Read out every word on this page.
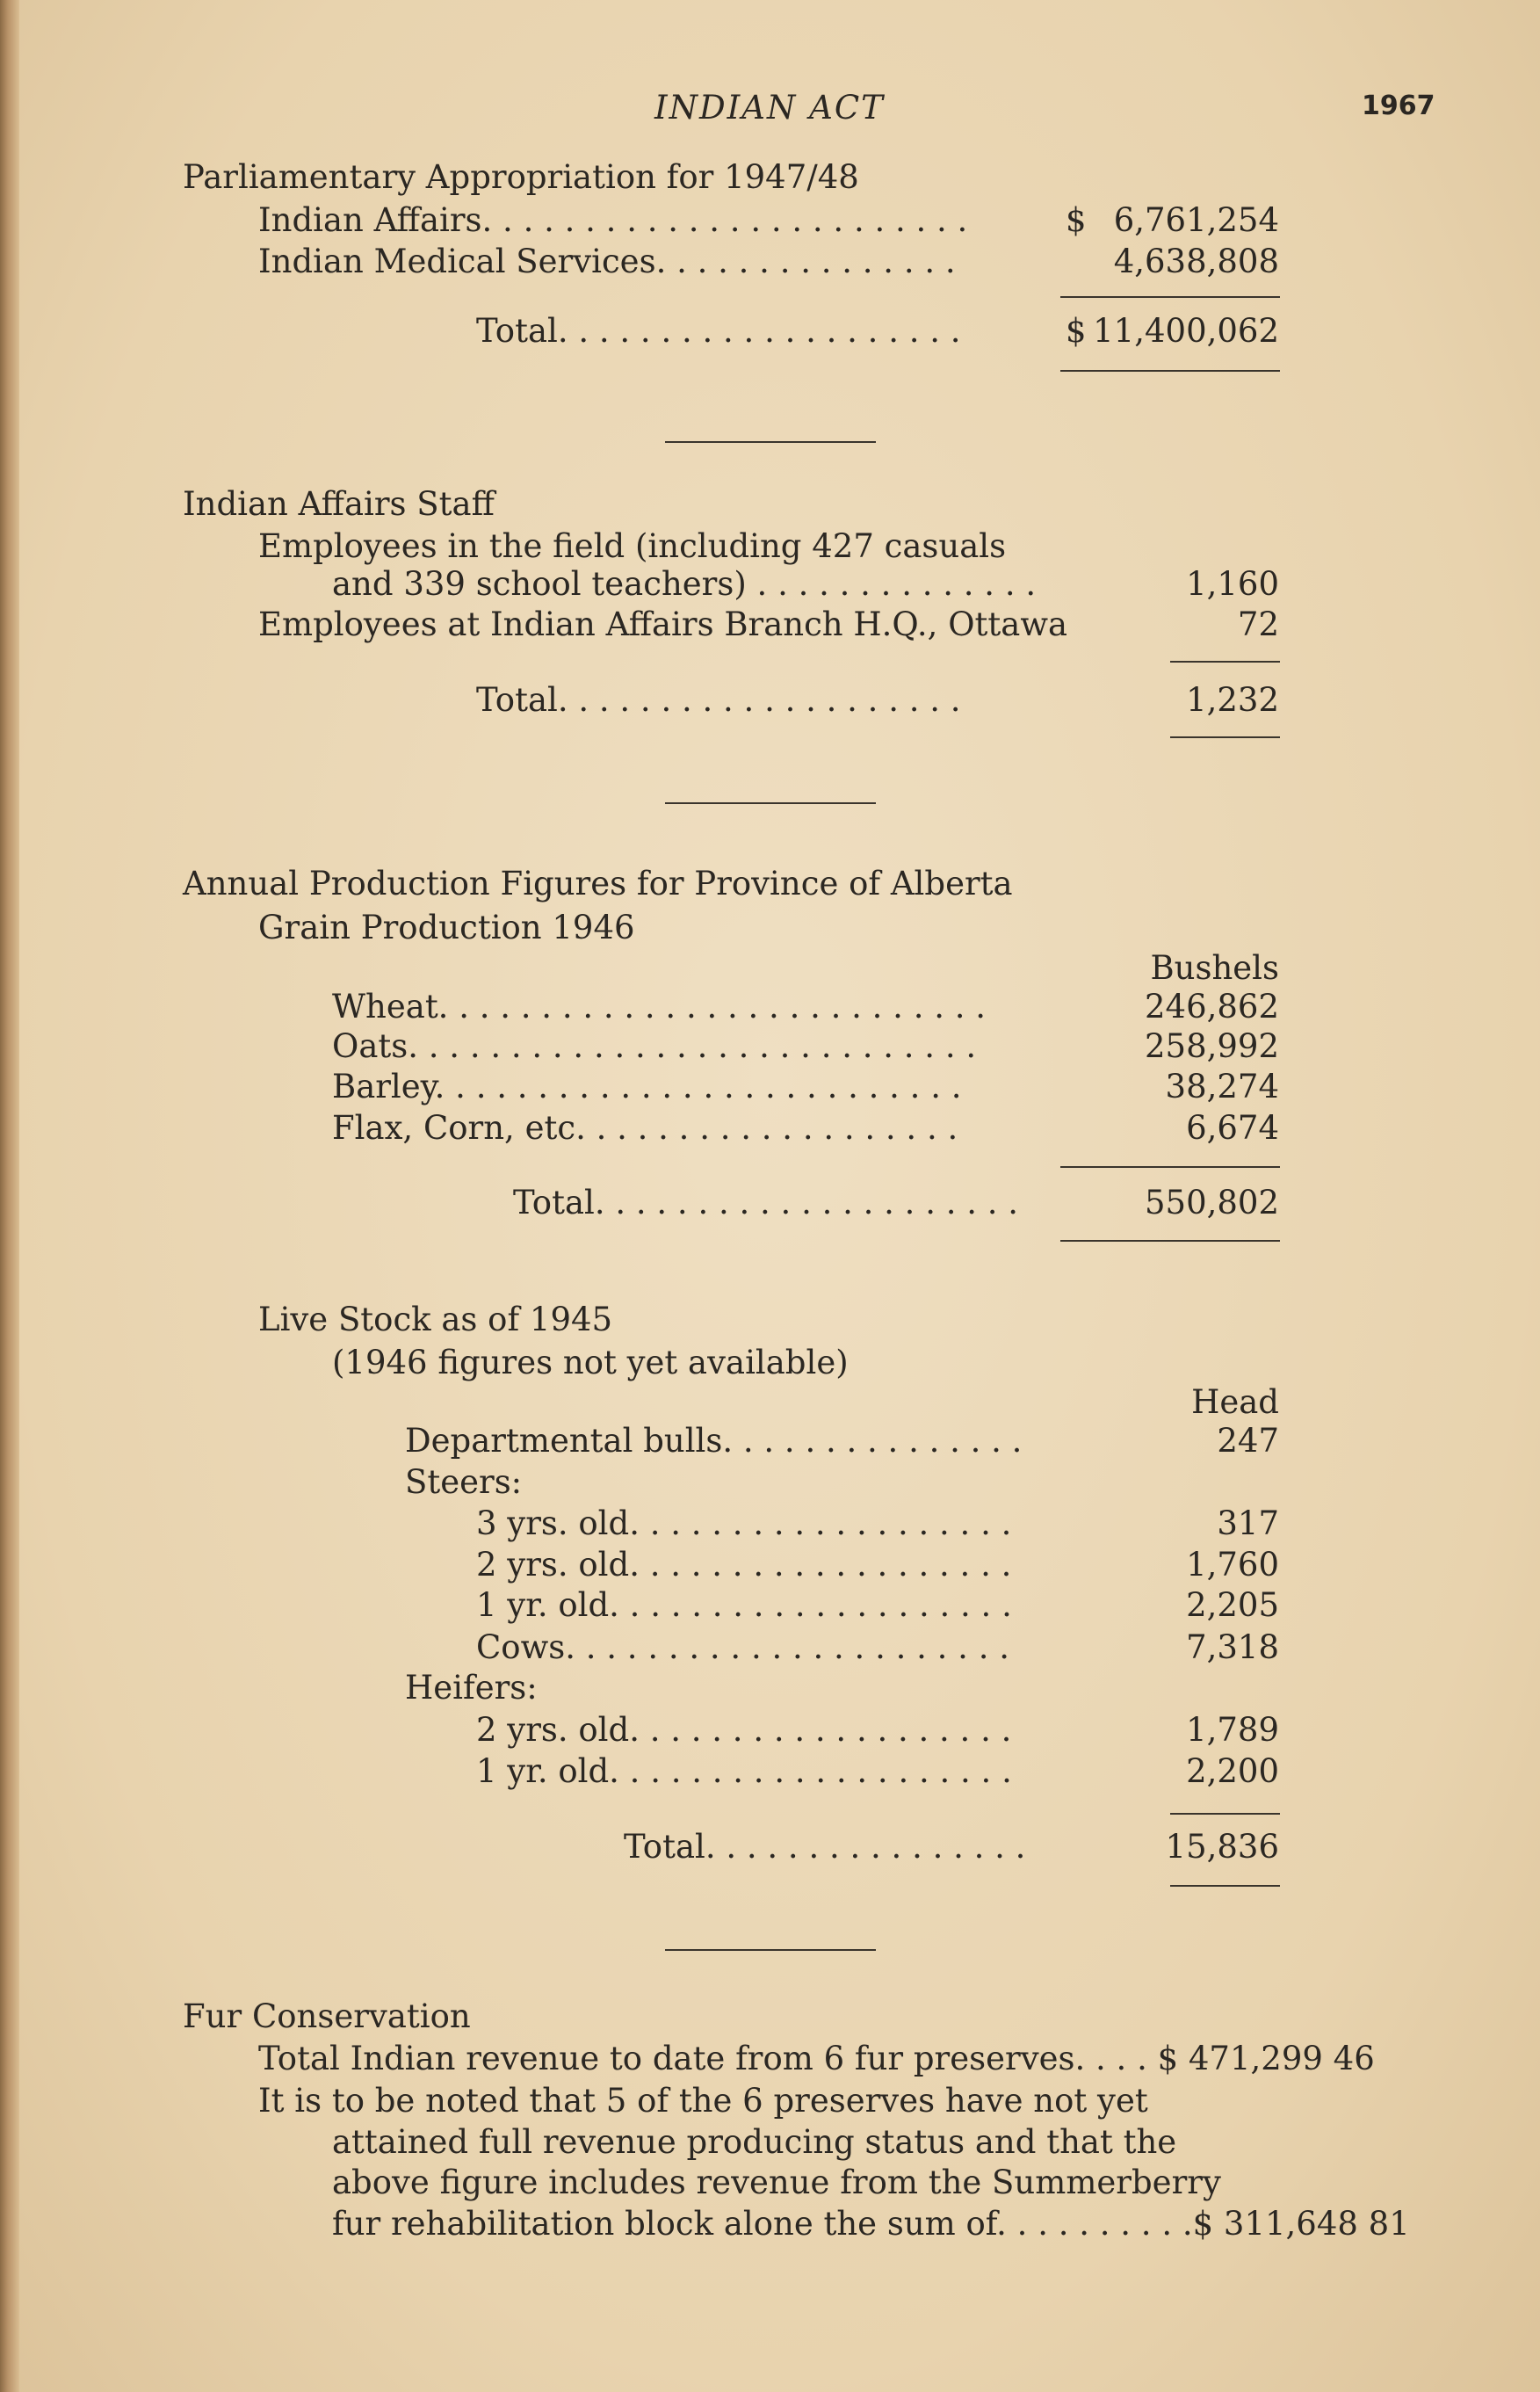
INDIAN ACT	1967
Parliamentary Appropriation for 1947/48
Indian Affairs. . . . . . . . . . . . . . . . . . . . . . . .	$ 6,761,254
Indian Medical Services. . . . . . . . . . . . . . .	4,638,808
Total. . . . . . . . . . . . . . . . . . . .	$ 11,400,062
Indian Affairs Staff
Employees in the field (including 427 casuals
and 339 school teachers) . . . . . . . . . . . . . .	1,160
Employees at Indian Affairs Branch H.Q., Ottawa	72
Total. . . . . . . . . . . . . . . . . . . .	1,232
Annual Production Figures for Province of Alberta
Grain Production 1946
Bushels
Wheat. . . . . . . . . . . . . . . . . . . . . . . . . . .	246,862
Oats. . . . . . . . . . . . . . . . . . . . . . . . . . . .	258,992
Barley. . . . . . . . . . . . . . . . . . . . . . . . . .	38,274
Flax, Corn, etc. . . . . . . . . . . . . . . . . . .	6,674
Total. . . . . . . . . . . . . . . . . . . . .	550,802
Live Stock as of 1945
(1946 figures not yet available)
Head
Departmental bulls. . . . . . . . . . . . . . .	247
Steers:
3 yrs. old. . . . . . . . . . . . . . . . . . .	317
2 yrs. old. . . . . . . . . . . . . . . . . . .	1,760
1 yr. old. . . . . . . . . . . . . . . . . . . .	2,205
Cows. . . . . . . . . . . . . . . . . . . . . .	7,318
Heifers:
2 yrs. old. . . . . . . . . . . . . . . . . . .	1,789
1 yr. old. . . . . . . . . . . . . . . . . . . .	2,200
Total. . . . . . . . . . . . . . . .	15,836
Fur Conservation
Total Indian revenue to date from 6 fur preserves. . . . $ 471,299 46
It is to be noted that 5 of the 6 preserves have not yet
attained full revenue producing status and that the
above figure includes revenue from the Summerberry
fur rehabilitation block alone the sum of. . . . . . . . . .$ 311,648 81
